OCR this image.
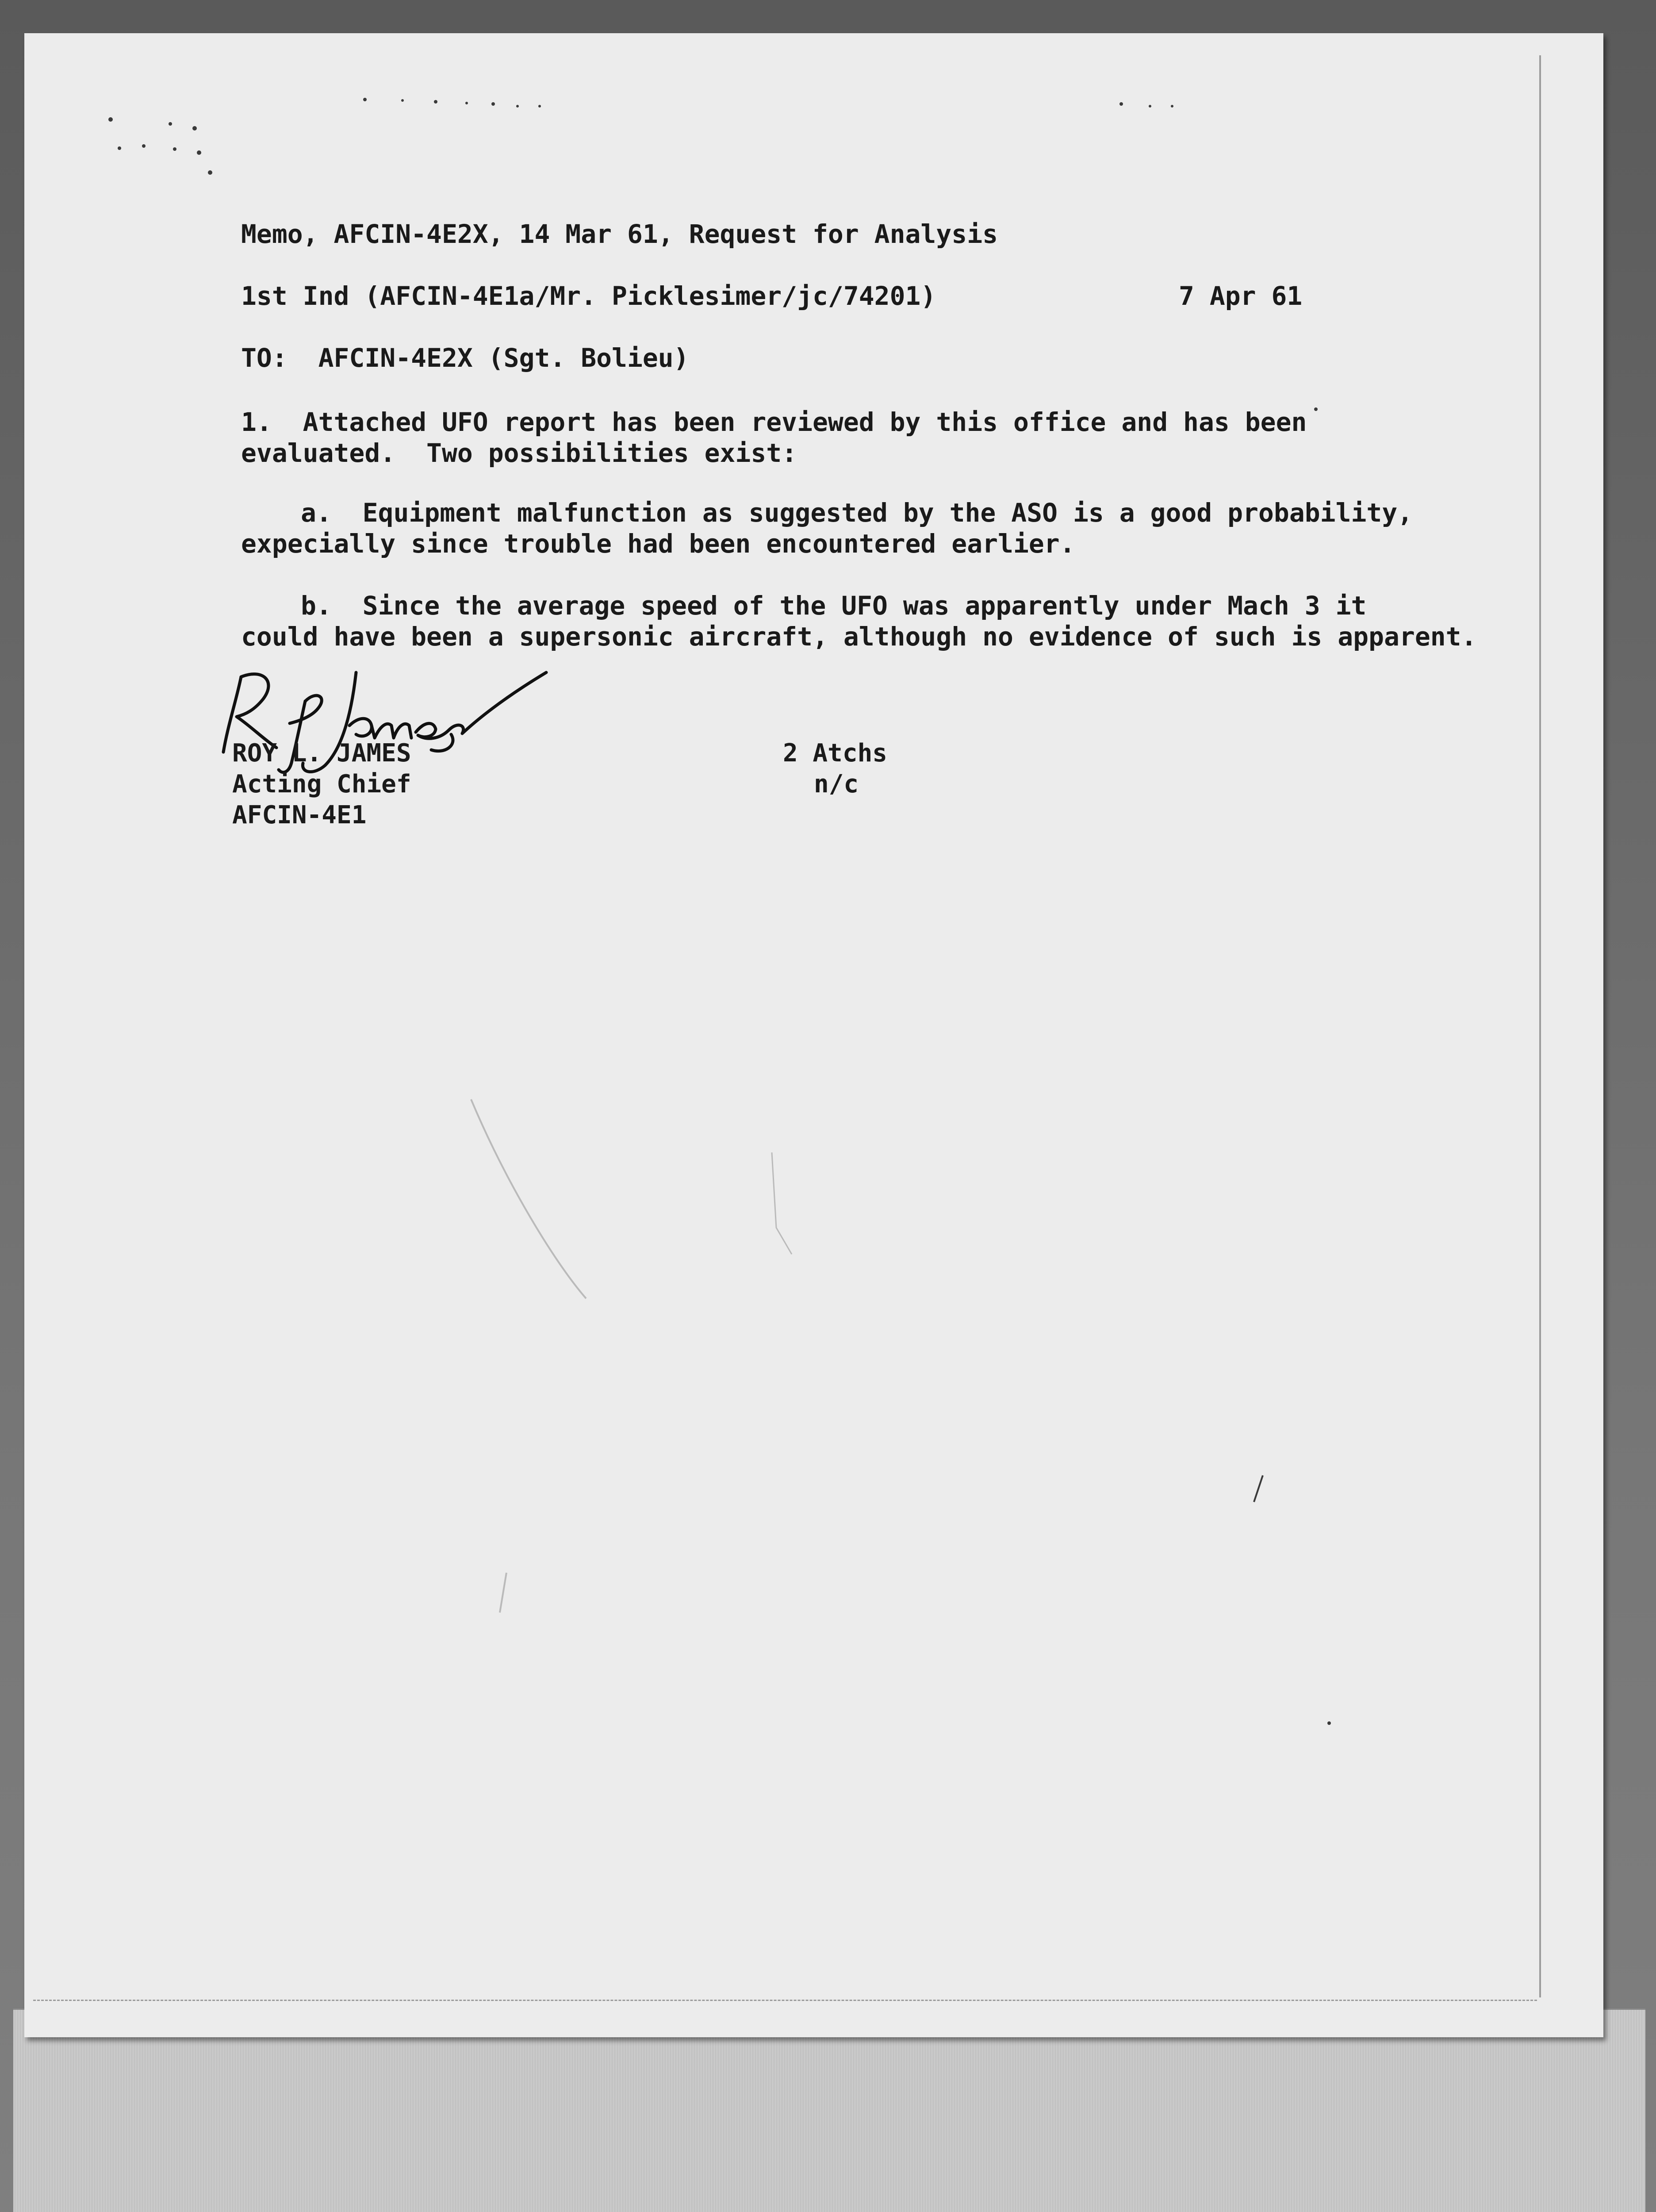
Memo, AFCIN-4E2X, 14 Mar 61, Request for Analysis
1st Ind (AFCIN-4E1a/Mr. Picklesimer/jc/74201)	7 Apr 61
TO:  AFCIN-4E2X (Sgt. Bolieu)
1.  Attached UFO report has been reviewed by this office and has been
evaluated.  Two possibilities exist:
a.  Equipment malfunction as suggested by the ASO is a good probability,
expecially since trouble had been encountered earlier.
b.  Since the average speed of the UFO was apparently under Mach 3 it
could have been a supersonic aircraft, although no evidence of such is apparent.
ROY L. JAMES
Acting Chief
AFCIN-4E1
2 Atchs
n/c
